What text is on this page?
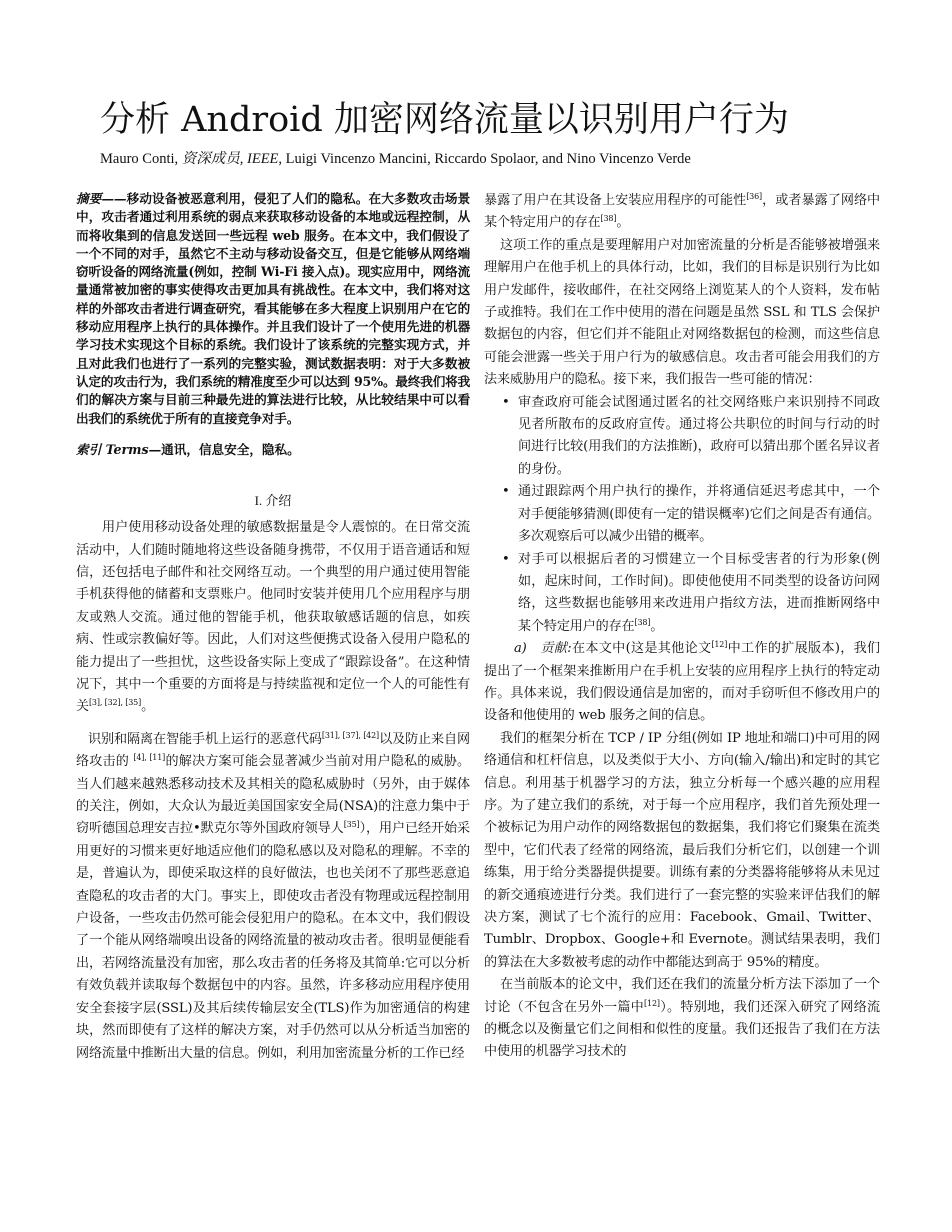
分析 Android 加密网络流量以识别用户行为
Mauro Conti, 资深成员, IEEE, Luigi Vincenzo Mancini, Riccardo Spolaor, and Nino Vincenzo Verde

摘要——移动设备被恶意利用，侵犯了人们的隐私。在大多数攻击场景中，攻击者通过利用系统的弱点来获取移动设备的本地或远程控制，从而将收集到的信息发送回一些远程 web 服务。在本文中，我们假设了一个不同的对手，虽然它不主动与移动设备交互，但是它能够从网络端窃听设备的网络流量(例如，控制 Wi-Fi 接入点)。现实应用中，网络流量通常被加密的事实使得攻击更加具有挑战性。在本文中，我们将对这样的外部攻击者进行调查研究，看其能够在多大程度上识别用户在它的移动应用程序上执行的具体操作。并且我们设计了一个使用先进的机器学习技术实现这个目标的系统。我们设计了该系统的完整实现方式，并且对此我们也进行了一系列的完整实验，测试数据表明：对于大多数被认定的攻击行为，我们系统的精准度至少可以达到 95%。最终我们将我们的解决方案与目前三种最先进的算法进行比较，从比较结果中可以看出我们的系统优于所有的直接竞争对手。

索引 Terms—通讯，信息安全，隐私。

I. 介绍

用户使用移动设备处理的敏感数据量是令人震惊的。在日常交流活动中，人们随时随地将这些设备随身携带，不仅用于语音通话和短信，还包括电子邮件和社交网络互动。一个典型的用户通过使用智能手机获得他的储蓄和支票账户。他同时安装并使用几个应用程序与朋友或熟人交流。通过他的智能手机，他获取敏感话题的信息，如疾病、性或宗教偏好等。因此，人们对这些便携式设备入侵用户隐私的能力提出了一些担忧，这些设备实际上变成了“跟踪设备”。在这种情况下，其中一个重要的方面将是与持续监视和定位一个人的可能性有关[3], [32], [35]。

识别和隔离在智能手机上运行的恶意代码[31], [37], [42]以及防止来自网络攻击的 [4], [11]的解决方案可能会显著减少当前对用户隐私的威胁。当人们越来越熟悉移动技术及其相关的隐私威胁时（另外，由于媒体的关注，例如，大众认为最近美国国家安全局(NSA)的注意力集中于窃听德国总理安吉拉•默克尔等外国政府领导人[35]），用户已经开始采用更好的习惯来更好地适应他们的隐私感以及对隐私的理解。不幸的是，普遍认为，即使采取这样的良好做法，也也关闭不了那些恶意追查隐私的攻击者的大门。事实上，即使攻击者没有物理或远程控制用户设备，一些攻击仍然可能会侵犯用户的隐私。在本文中，我们假设了一个能从网络端嗅出设备的网络流量的被动攻击者。很明显便能看出，若网络流量没有加密，那么攻击者的任务将及其简单:它可以分析有效负载并读取每个数据包中的内容。虽然，许多移动应用程序使用安全套接字层(SSL)及其后续传输层安全(TLS)作为加密通信的构建块，然而即使有了这样的解决方案，对手仍然可以从分析适当加密的网络流量中推断出大量的信息。例如，利用加密流量分析的工作已经

暴露了用户在其设备上安装应用程序的可能性[36]，或者暴露了网络中某个特定用户的存在[38]。

这项工作的重点是要理解用户对加密流量的分析是否能够被增强来理解用户在他手机上的具体行动，比如，我们的目标是识别行为比如用户发邮件，接收邮件，在社交网络上浏览某人的个人资料，发布帖子或推特。我们在工作中使用的潜在问题是虽然 SSL 和 TLS 会保护数据包的内容，但它们并不能阻止对网络数据包的检测，而这些信息可能会泄露一些关于用户行为的敏感信息。攻击者可能会用我们的方法来威胁用户的隐私。接下来，我们报告一些可能的情况：

• 审查政府可能会试图通过匿名的社交网络账户来识别持不同政见者所散布的反政府宣传。通过将公共职位的时间与行动的时间进行比较(用我们的方法推断)，政府可以猜出那个匿名异议者的身份。
• 通过跟踪两个用户执行的操作，并将通信延迟考虑其中，一个对手便能够猜测(即使有一定的错误概率)它们之间是否有通信。多次观察后可以减少出错的概率。
• 对手可以根据后者的习惯建立一个目标受害者的行为形象(例如，起床时间，工作时间)。即使他使用不同类型的设备访问网络，这些数据也能够用来改进用户指纹方法，进而推断网络中某个特定用户的存在[38]。

a)　贡献:在本文中(这是其他论文[12]中工作的扩展版本)，我们提出了一个框架来推断用户在手机上安装的应用程序上执行的特定动作。具体来说，我们假设通信是加密的，而对手窃听但不修改用户的设备和他使用的 web 服务之间的信息。

我们的框架分析在 TCP / IP 分组(例如 IP 地址和端口)中可用的网络通信和杠杆信息，以及类似于大小、方向(输入/输出)和定时的其它信息。利用基于机器学习的方法，独立分析每一个感兴趣的应用程序。为了建立我们的系统，对于每一个应用程序，我们首先预处理一个被标记为用户动作的网络数据包的数据集，我们将它们聚集在流类型中，它们代表了经常的网络流，最后我们分析它们，以创建一个训练集，用于给分类器提供提要。训练有素的分类器将能够将从未见过的新交通痕迹进行分类。我们进行了一套完整的实验来评估我们的解决方案，测试了七个流行的应用：Facebook、Gmail、Twitter、Tumblr、Dropbox、Google+和 Evernote。测试结果表明，我们的算法在大多数被考虑的动作中都能达到高于 95%的精度。

在当前版本的论文中，我们还在我们的流量分析方法下添加了一个讨论（不包含在另外一篇中[12]）。特别地，我们还深入研究了网络流的概念以及衡量它们之间相和似性的度量。我们还报告了我们在方法中使用的机器学习技术的
